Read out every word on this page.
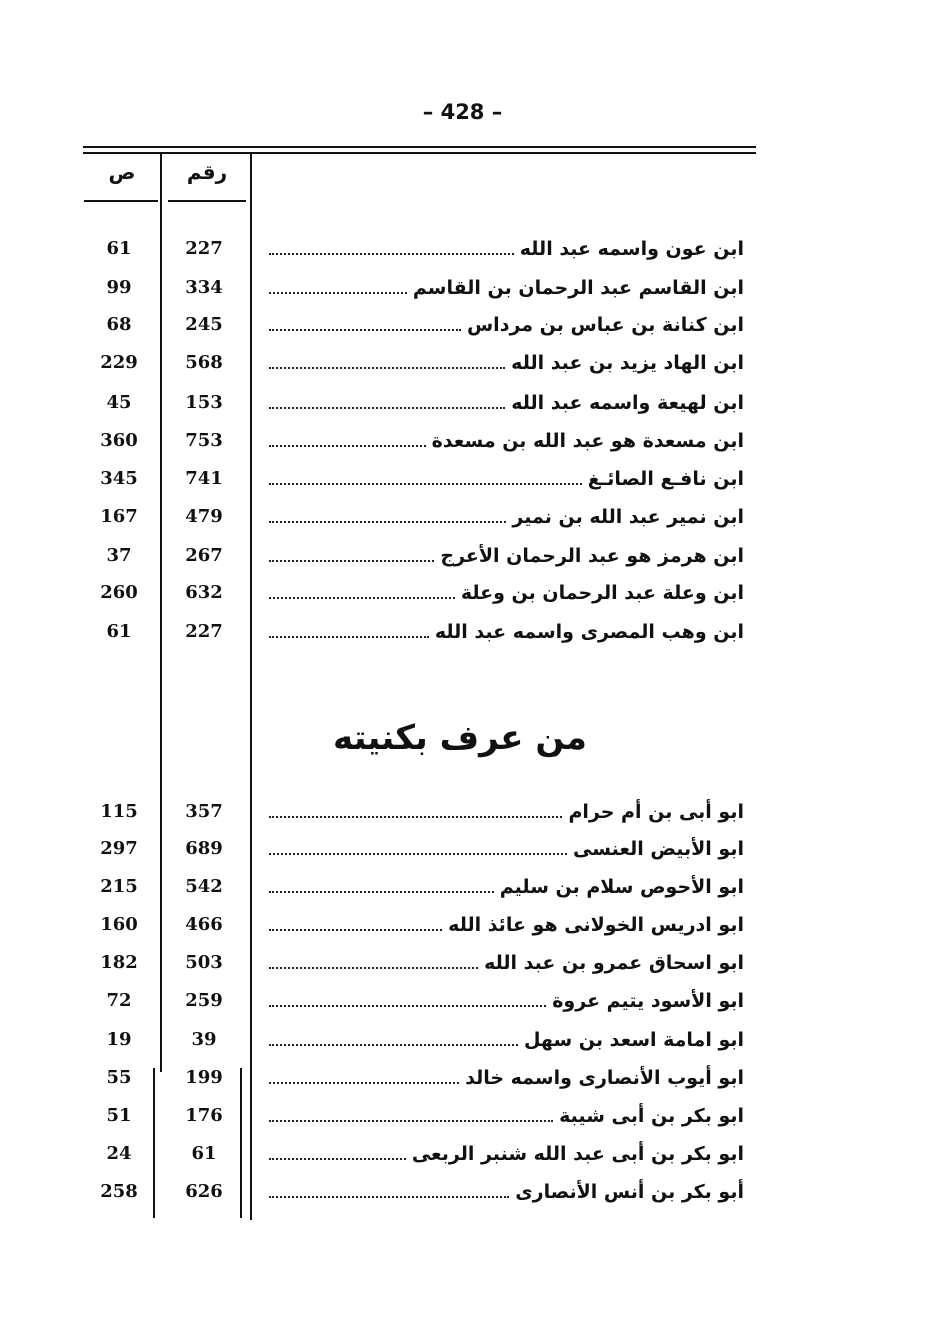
– 428 –
ص	رقم
61	227	ابن عون واسمه عبد الله
99	334	ابن القاسم عبد الرحمان بن القاسم
68	245	ابن كنانة بن عباس بن مرداس
229	568	ابن الهاد يزيد بن عبد الله
45	153	ابن لهيعة واسمه عبد الله
360	753	ابن مسعدة هو عبد الله بن مسعدة
345	741	ابن نافـع الصائـغ
167	479	ابن نمير عبد الله بن نمير
37	267	ابن هرمز هو عبد الرحمان الأعرج
260	632	ابن وعلة عبد الرحمان بن وعلة
61	227	ابن وهب المصرى واسمه عبد الله
من عرف بكنيته
115	357	ابو أبى بن أم حرام
297	689	ابو الأبيض العنسى
215	542	ابو الأحوص سلام بن سليم
160	466	ابو ادريس الخولانى هو عائذ الله
182	503	ابو اسحاق عمرو بن عبد الله
72	259	ابو الأسود يتيم عروة
19	39	ابو امامة اسعد بن سهل
55	199	ابو أيوب الأنصارى واسمه خالد
51	176	ابو بكر بن أبى شيبة
24	61	ابو بكر بن أبى عبد الله شنبر الربعى
258	626	أبو بكر بن أنس الأنصارى
